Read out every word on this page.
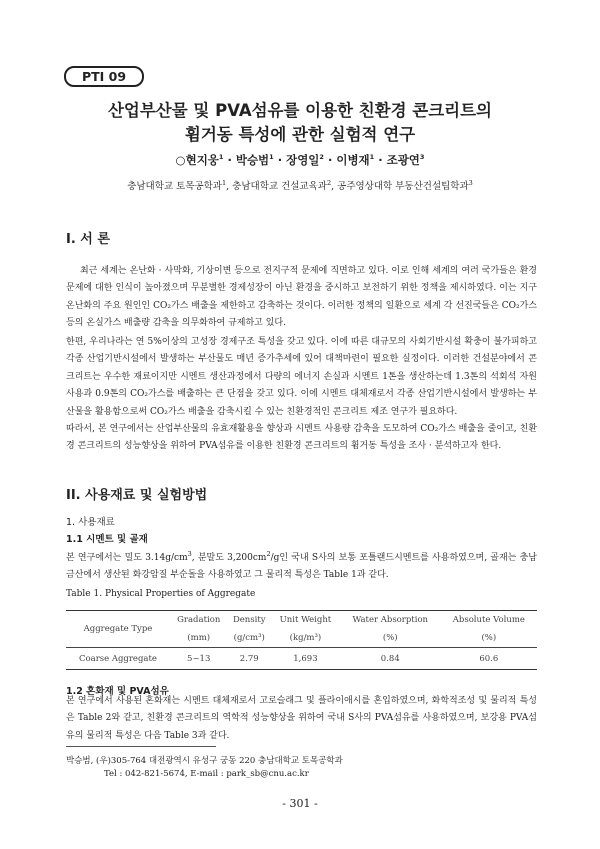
PTI 09
산업부산물 및 PVA섬유를 이용한 친환경 콘크리트의
휨거동 특성에 관한 실험적 연구
○현지웅$^1$ · 박승범$^1$ · 장영일$^2$ · 이병재$^1$ · 조광연$^3$
충남대학교 토목공학과$^1$, 충남대학교 건설교육과$^2$, 공주영상대학 부동산건설팀학과$^3$
I. 서 론

최근 세계는 온난화 · 사막화, 기상이변 등으로 전지구적 문제에 직면하고 있다. 이로 인해 세계의 여러 국가들은 환경문제에 대한 인식이 높아졌으며 무분별한 경제성장이 아닌 환경을 중시하고 보전하기 위한 정책을 제시하였다. 이는 지구온난화의 주요 원인인 CO₂가스 배출을 제한하고 감축하는 것이다. 이러한 정책의 일환으로 세계 각 선진국들은 CO₂가스 등의 온실가스 배출량 감축을 의무화하여 규제하고 있다.

한편, 우리나라는 연 5%이상의 고성장 경제구조 특성을 갖고 있다. 이에 따른 대규모의 사회기반시설 확충이 불가피하고 각종 산업기반시설에서 발생하는 부산물도 매년 증가추세에 있어 대책마련이 필요한 실정이다. 이러한 건설분야에서 콘크리트는 우수한 재료이지만 시멘트 생산과정에서 다량의 에너지 손실과 시멘트 1톤을 생산하는데 1.3톤의 석회석 자원사용과 0.9톤의 CO₂가스를 배출하는 큰 단점을 갖고 있다. 이에 시멘트 대체재로서 각종 산업기반시설에서 발생하는 부산물을 활용함으로써 CO₂가스 배출을 감축시킬 수 있는 친환경적인 콘크리트 제조 연구가 필요하다.

따라서, 본 연구에서는 산업부산물의 유효재활용을 향상과 시멘트 사용량 감축을 도모하여 CO₂가스 배출을 줄이고, 친환경 콘크리트의 성능향상을 위하여 PVA섬유를 이용한 친환경 콘크리트의 휨거동 특성을 조사 · 분석하고자 한다.

II. 사용재료 및 실험방법
1. 사용재료
1.1 시멘트 및 골재

본 연구에서는 밀도 $3.14g/cm^3$, 분말도 $3,200cm^2/g$인 국내 S사의 보통 포틀랜드시멘트를 사용하였으며, 골재는 충남 금산에서 생산된 화강암질 부순돌을 사용하였고 그 물리적 특성은 Table 1과 같다.

Table 1. Physical Properties of Aggregate
Aggregate Type	Gradation	Density	Unit Weight	Water Absorption	Absolute Volume
	(mm)	(g/cm³)	(kg/m³)	(%)	(%)
Coarse Aggregate	5~13	2.79	1,693	0.84	60.6
1.2 혼화재 및 PVA섬유

본 연구에서 사용된 혼화재는 시멘트 대체재로서 고로슬래그 및 플라이애시를 혼입하였으며, 화학적조성 및 물리적 특성은 Table 2와 같고, 친환경 콘크리트의 역학적 성능향상을 위하여 국내 S사의 PVA섬유를 사용하였으며, 보강용 PVA섬유의 물리적 특성은 다음 Table 3과 같다.

박승범, (우)305-764 대전광역시 유성구 궁동 220 충남대학교 토목공학과
Tel : 042-821-5674, E-mail : park_sb@cnu.ac.kr
- 301 -
